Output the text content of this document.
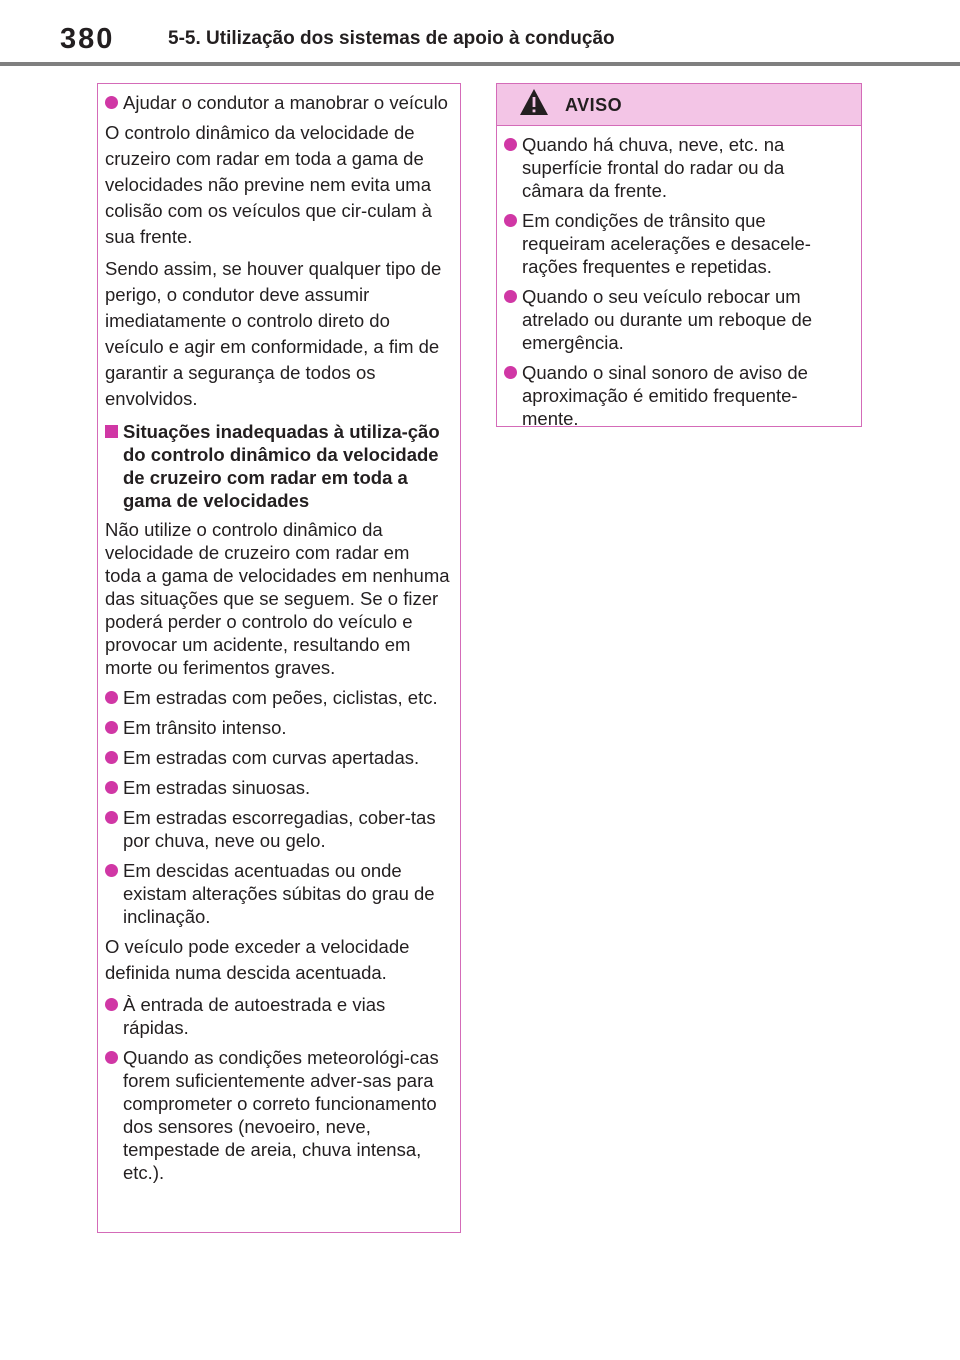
380	5-5. Utilização dos sistemas de apoio à condução
Ajudar o condutor a manobrar o veículo
O controlo dinâmico da velocidade de cruzeiro com radar em toda a gama de velocidades não previne nem evita uma colisão com os veículos que cir-culam à sua frente.
Sendo assim, se houver qualquer tipo de perigo, o condutor deve assumir imediatamente o controlo direto do veículo e agir em conformidade, a fim de garantir a segurança de todos os envolvidos.
Situações inadequadas à utiliza-ção do controlo dinâmico da velocidade de cruzeiro com radar em toda a gama de velocidades
Não utilize o controlo dinâmico da velocidade de cruzeiro com radar em toda a gama de velocidades em nenhuma das situações que se seguem. Se o fizer poderá perder o controlo do veículo e provocar um acidente, resultando em morte ou ferimentos graves.
Em estradas com peões, ciclistas, etc.
Em trânsito intenso.
Em estradas com curvas apertadas.
Em estradas sinuosas.
Em estradas escorregadias, cober-tas por chuva, neve ou gelo.
Em descidas acentuadas ou onde existam alterações súbitas do grau de inclinação.
O veículo pode exceder a velocidade definida numa descida acentuada.
À entrada de autoestrada e vias rápidas.
Quando as condições meteorológi-cas forem suficientemente adver-sas para comprometer o correto funcionamento dos sensores (nevoeiro, neve, tempestade de areia, chuva intensa, etc.).
AVISO
Quando há chuva, neve, etc. na superfície frontal do radar ou da câmara da frente.
Em condições de trânsito que requeiram acelerações e desacele-rações frequentes e repetidas.
Quando o seu veículo rebocar um atrelado ou durante um reboque de emergência.
Quando o sinal sonoro de aviso de aproximação é emitido frequente-mente.
